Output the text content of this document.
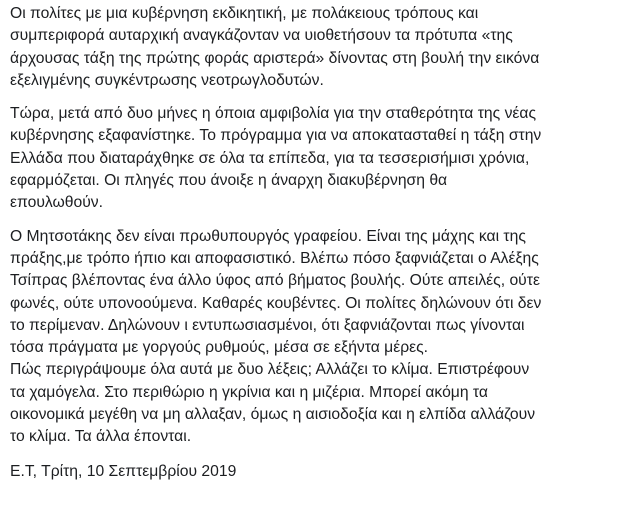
Οι πολίτες με μια κυβέρνηση εκδικητική, με πολάκειους τρόπους και
συμπεριφορά αυταρχική αναγκάζονταν να υιοθετήσουν τα πρότυπα «της
άρχουσας τάξη της πρώτης φοράς αριστερά» δίνοντας στη βουλή την εικόνα
εξελιγμένης συγκέντρωσης νεοτρωγλοδυτών.

Τώρα, μετά από δυο μήνες η όποια αμφιβολία για την σταθερότητα της νέας
κυβέρνησης εξαφανίστηκε. Το πρόγραμμα για να αποκατασταθεί η τάξη στην
Ελλάδα που διαταράχθηκε σε όλα τα επίπεδα, για τα τεσσερισήμισι χρόνια,
εφαρμόζεται. Οι πληγές που άνοιξε η άναρχη διακυβέρνηση θα
επουλωθούν.

Ο Μητσοτάκης δεν είναι πρωθυπουργός γραφείου. Είναι της μάχης και της
πράξης,με τρόπο ήπιο και αποφασιστικό. Βλέπω πόσο ξαφνιάζεται ο Αλέξης
Τσίπρας βλέποντας ένα άλλο ύφος από βήματος βουλής. Ούτε απειλές, ούτε
φωνές, ούτε υπονοούμενα. Καθαρές κουβέντες. Οι πολίτες δηλώνουν ότι δεν
το περίμεναν. Δηλώνουν ι εντυπωσιασμένοι, ότι ξαφνιάζονται πως γίνονται
τόσα πράγματα με γοργούς ρυθμούς, μέσα σε εξήντα μέρες.

Πώς περιγράψουμε όλα αυτά με δυο λέξεις; Αλλάζει το κλίμα. Επιστρέφουν
τα χαμόγελα. Στο περιθώριο η γκρίνια και η μιζέρια. Μπορεί ακόμη τα
οικονομικά μεγέθη να μη αλλαξαν, όμως η αισιοδοξία και η ελπίδα αλλάζουν
το κλίμα. Τα άλλα έπονται.

Ε.Τ, Τρίτη, 10 Σεπτεμβρίου 2019
